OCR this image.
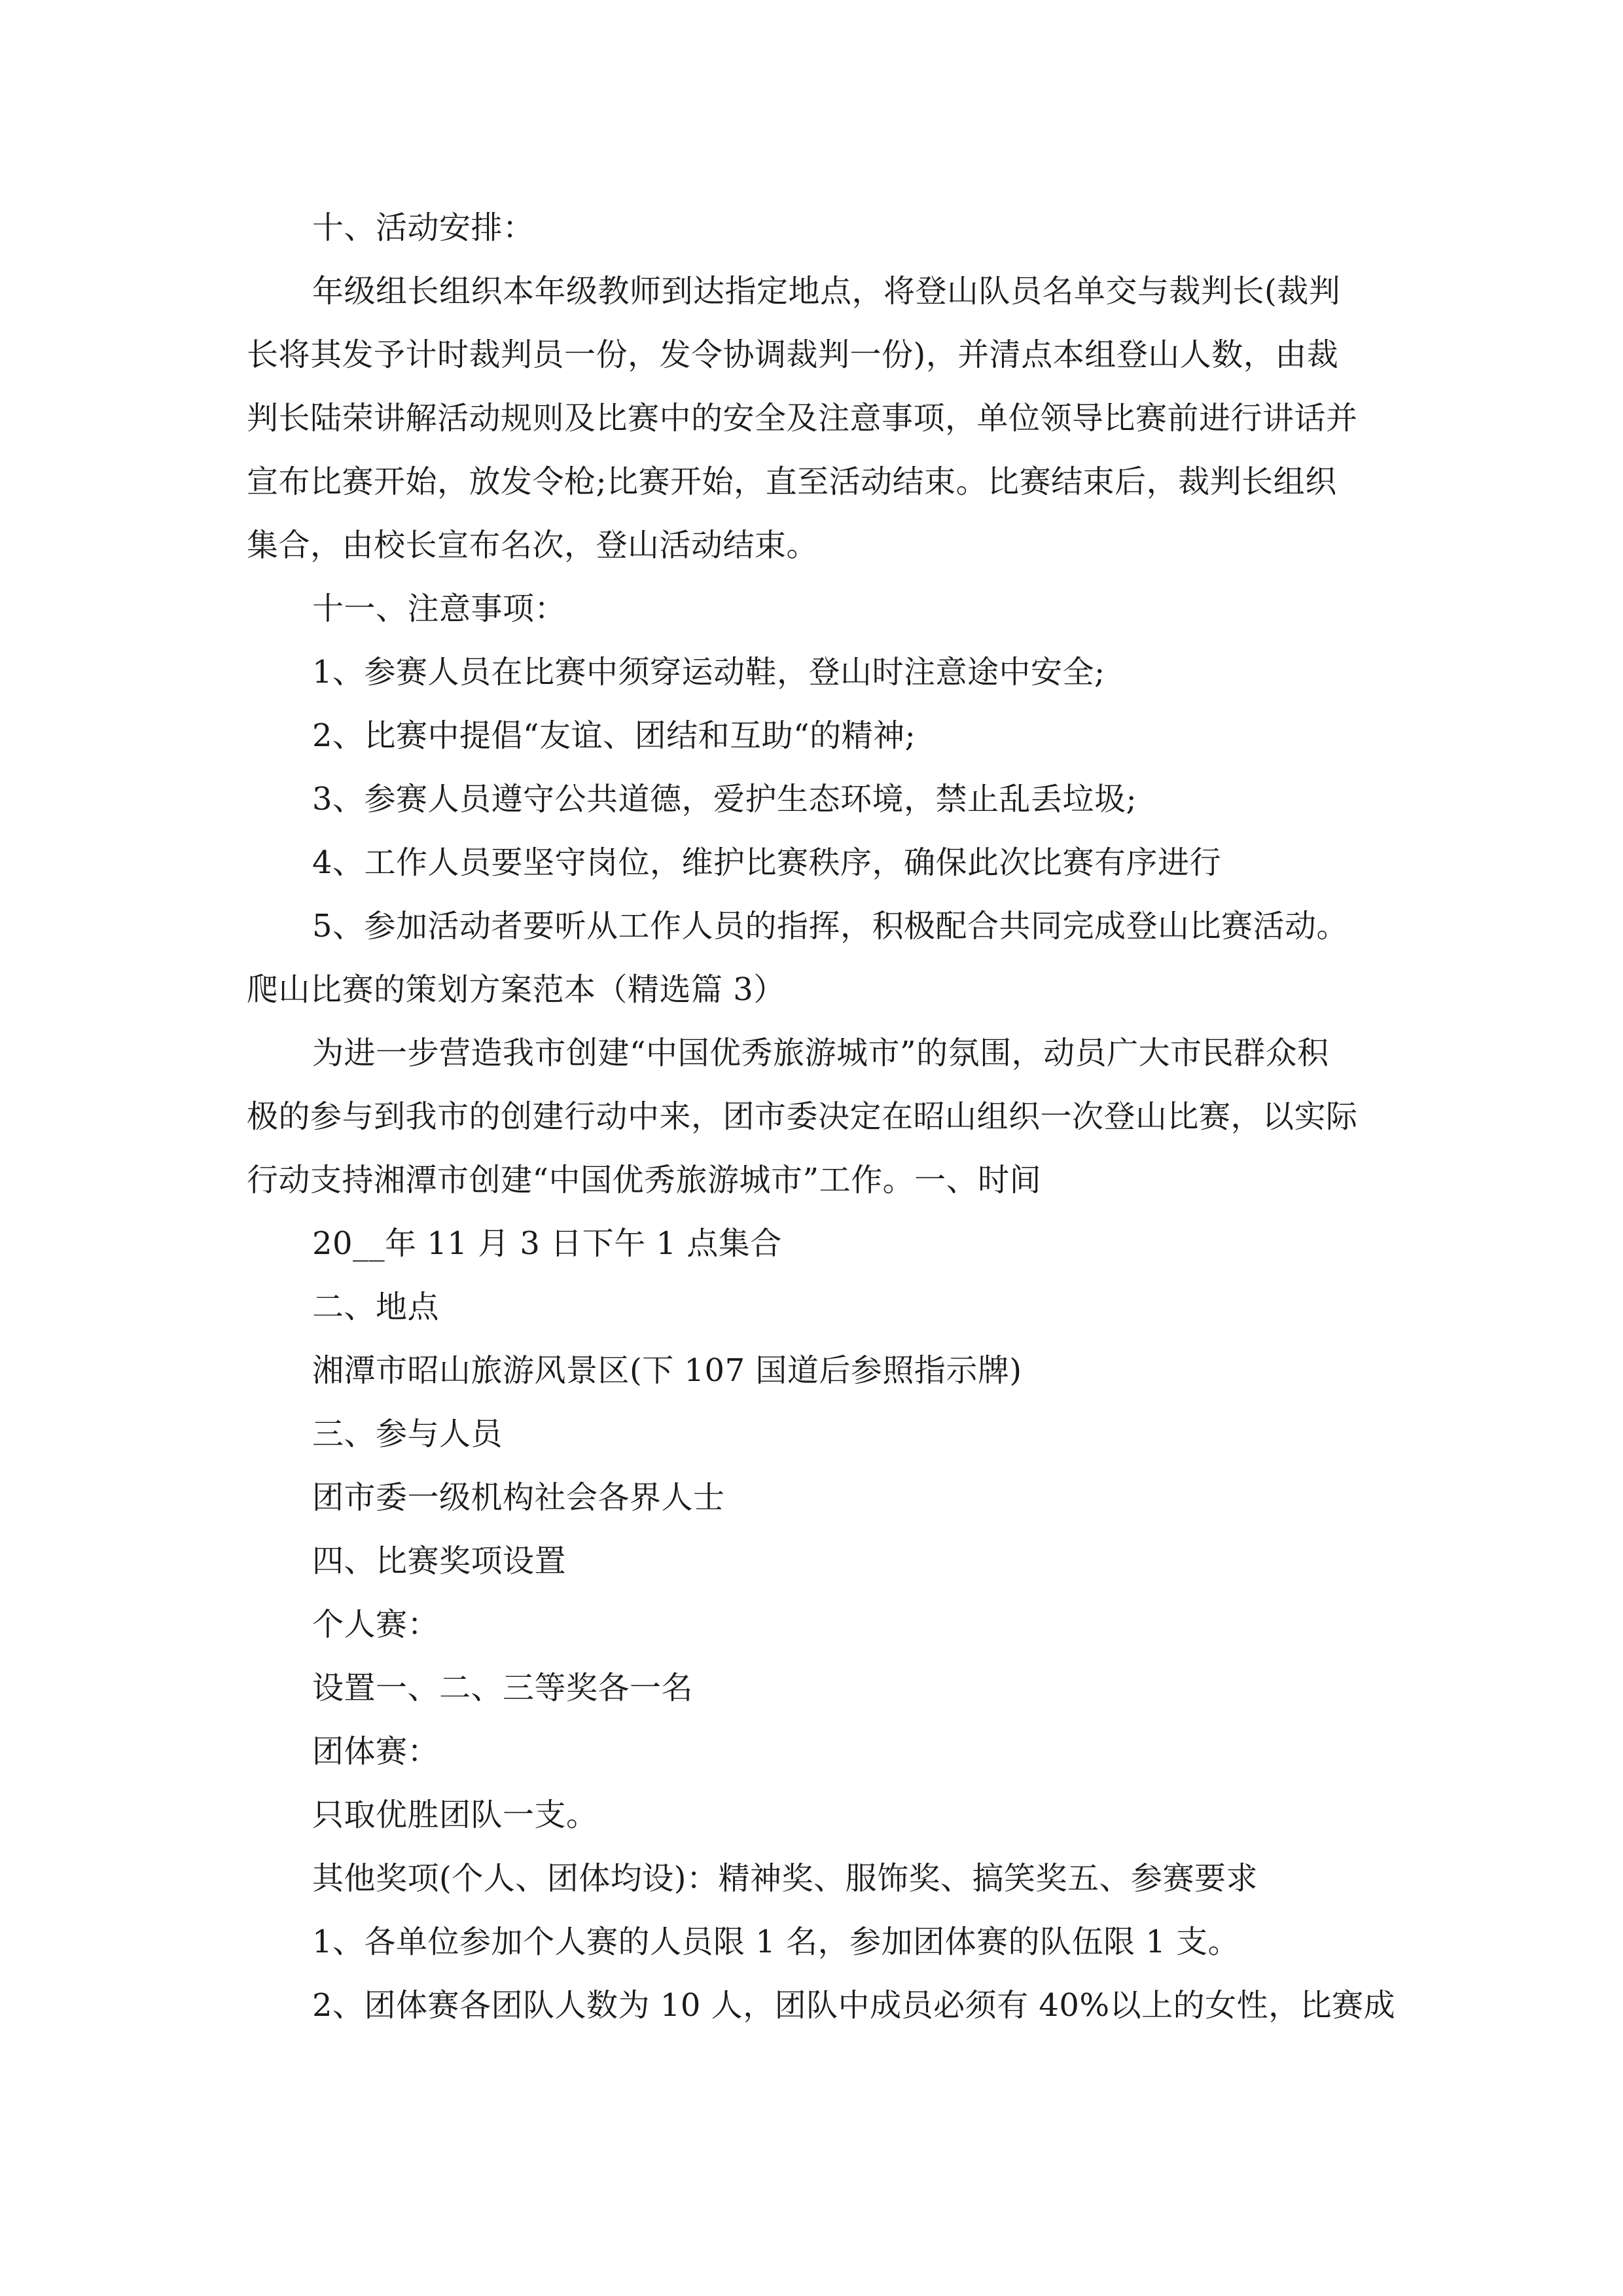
十、活动安排：
年级组长组织本年级教师到达指定地点，将登山队员名单交与裁判长(裁判
长将其发予计时裁判员一份，发令协调裁判一份)，并清点本组登山人数，由裁
判长陆荣讲解活动规则及比赛中的安全及注意事项，单位领导比赛前进行讲话并
宣布比赛开始，放发令枪;比赛开始，直至活动结束。比赛结束后，裁判长组织
集合，由校长宣布名次，登山活动结束。
十一、注意事项：
1、参赛人员在比赛中须穿运动鞋，登山时注意途中安全;
2、比赛中提倡“友谊、团结和互助“的精神;
3、参赛人员遵守公共道德，爱护生态环境，禁止乱丢垃圾;
4、工作人员要坚守岗位，维护比赛秩序，确保此次比赛有序进行
5、参加活动者要听从工作人员的指挥，积极配合共同完成登山比赛活动。
爬山比赛的策划方案范本（精选篇 3）
为进一步营造我市创建“中国优秀旅游城市”的氛围，动员广大市民群众积
极的参与到我市的创建行动中来，团市委决定在昭山组织一次登山比赛，以实际
行动支持湘潭市创建“中国优秀旅游城市”工作。一、时间
20__年 11 月 3 日下午 1 点集合
二、地点
湘潭市昭山旅游风景区(下 107 国道后参照指示牌)
三、参与人员
团市委一级机构社会各界人士
四、比赛奖项设置
个人赛：
设置一、二、三等奖各一名
团体赛：
只取优胜团队一支。
其他奖项(个人、团体均设)：精神奖、服饰奖、搞笑奖五、参赛要求
1、各单位参加个人赛的人员限 1 名，参加团体赛的队伍限 1 支。
2、团体赛各团队人数为 10 人，团队中成员必须有 40%以上的女性，比赛成
